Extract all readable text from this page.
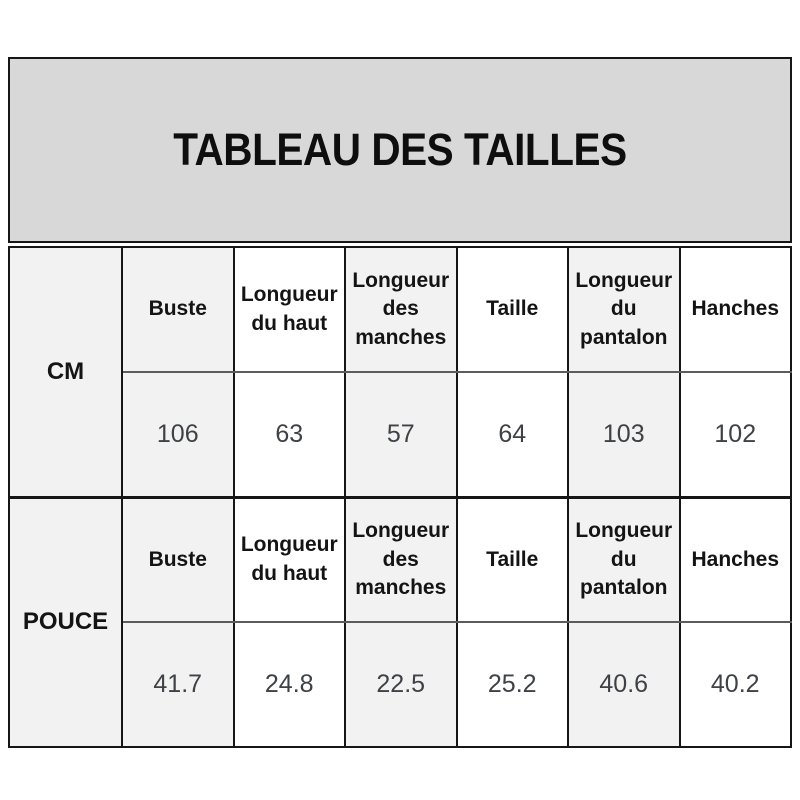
TABLEAU DES TAILLES
CM	Buste	Longueur du haut	Longueur des manches	Taille	Longueur du pantalon	Hanches
	106	63	57	64	103	102
POUCE	Buste	Longueur du haut	Longueur des manches	Taille	Longueur du pantalon	Hanches
	41.7	24.8	22.5	25.2	40.6	40.2
